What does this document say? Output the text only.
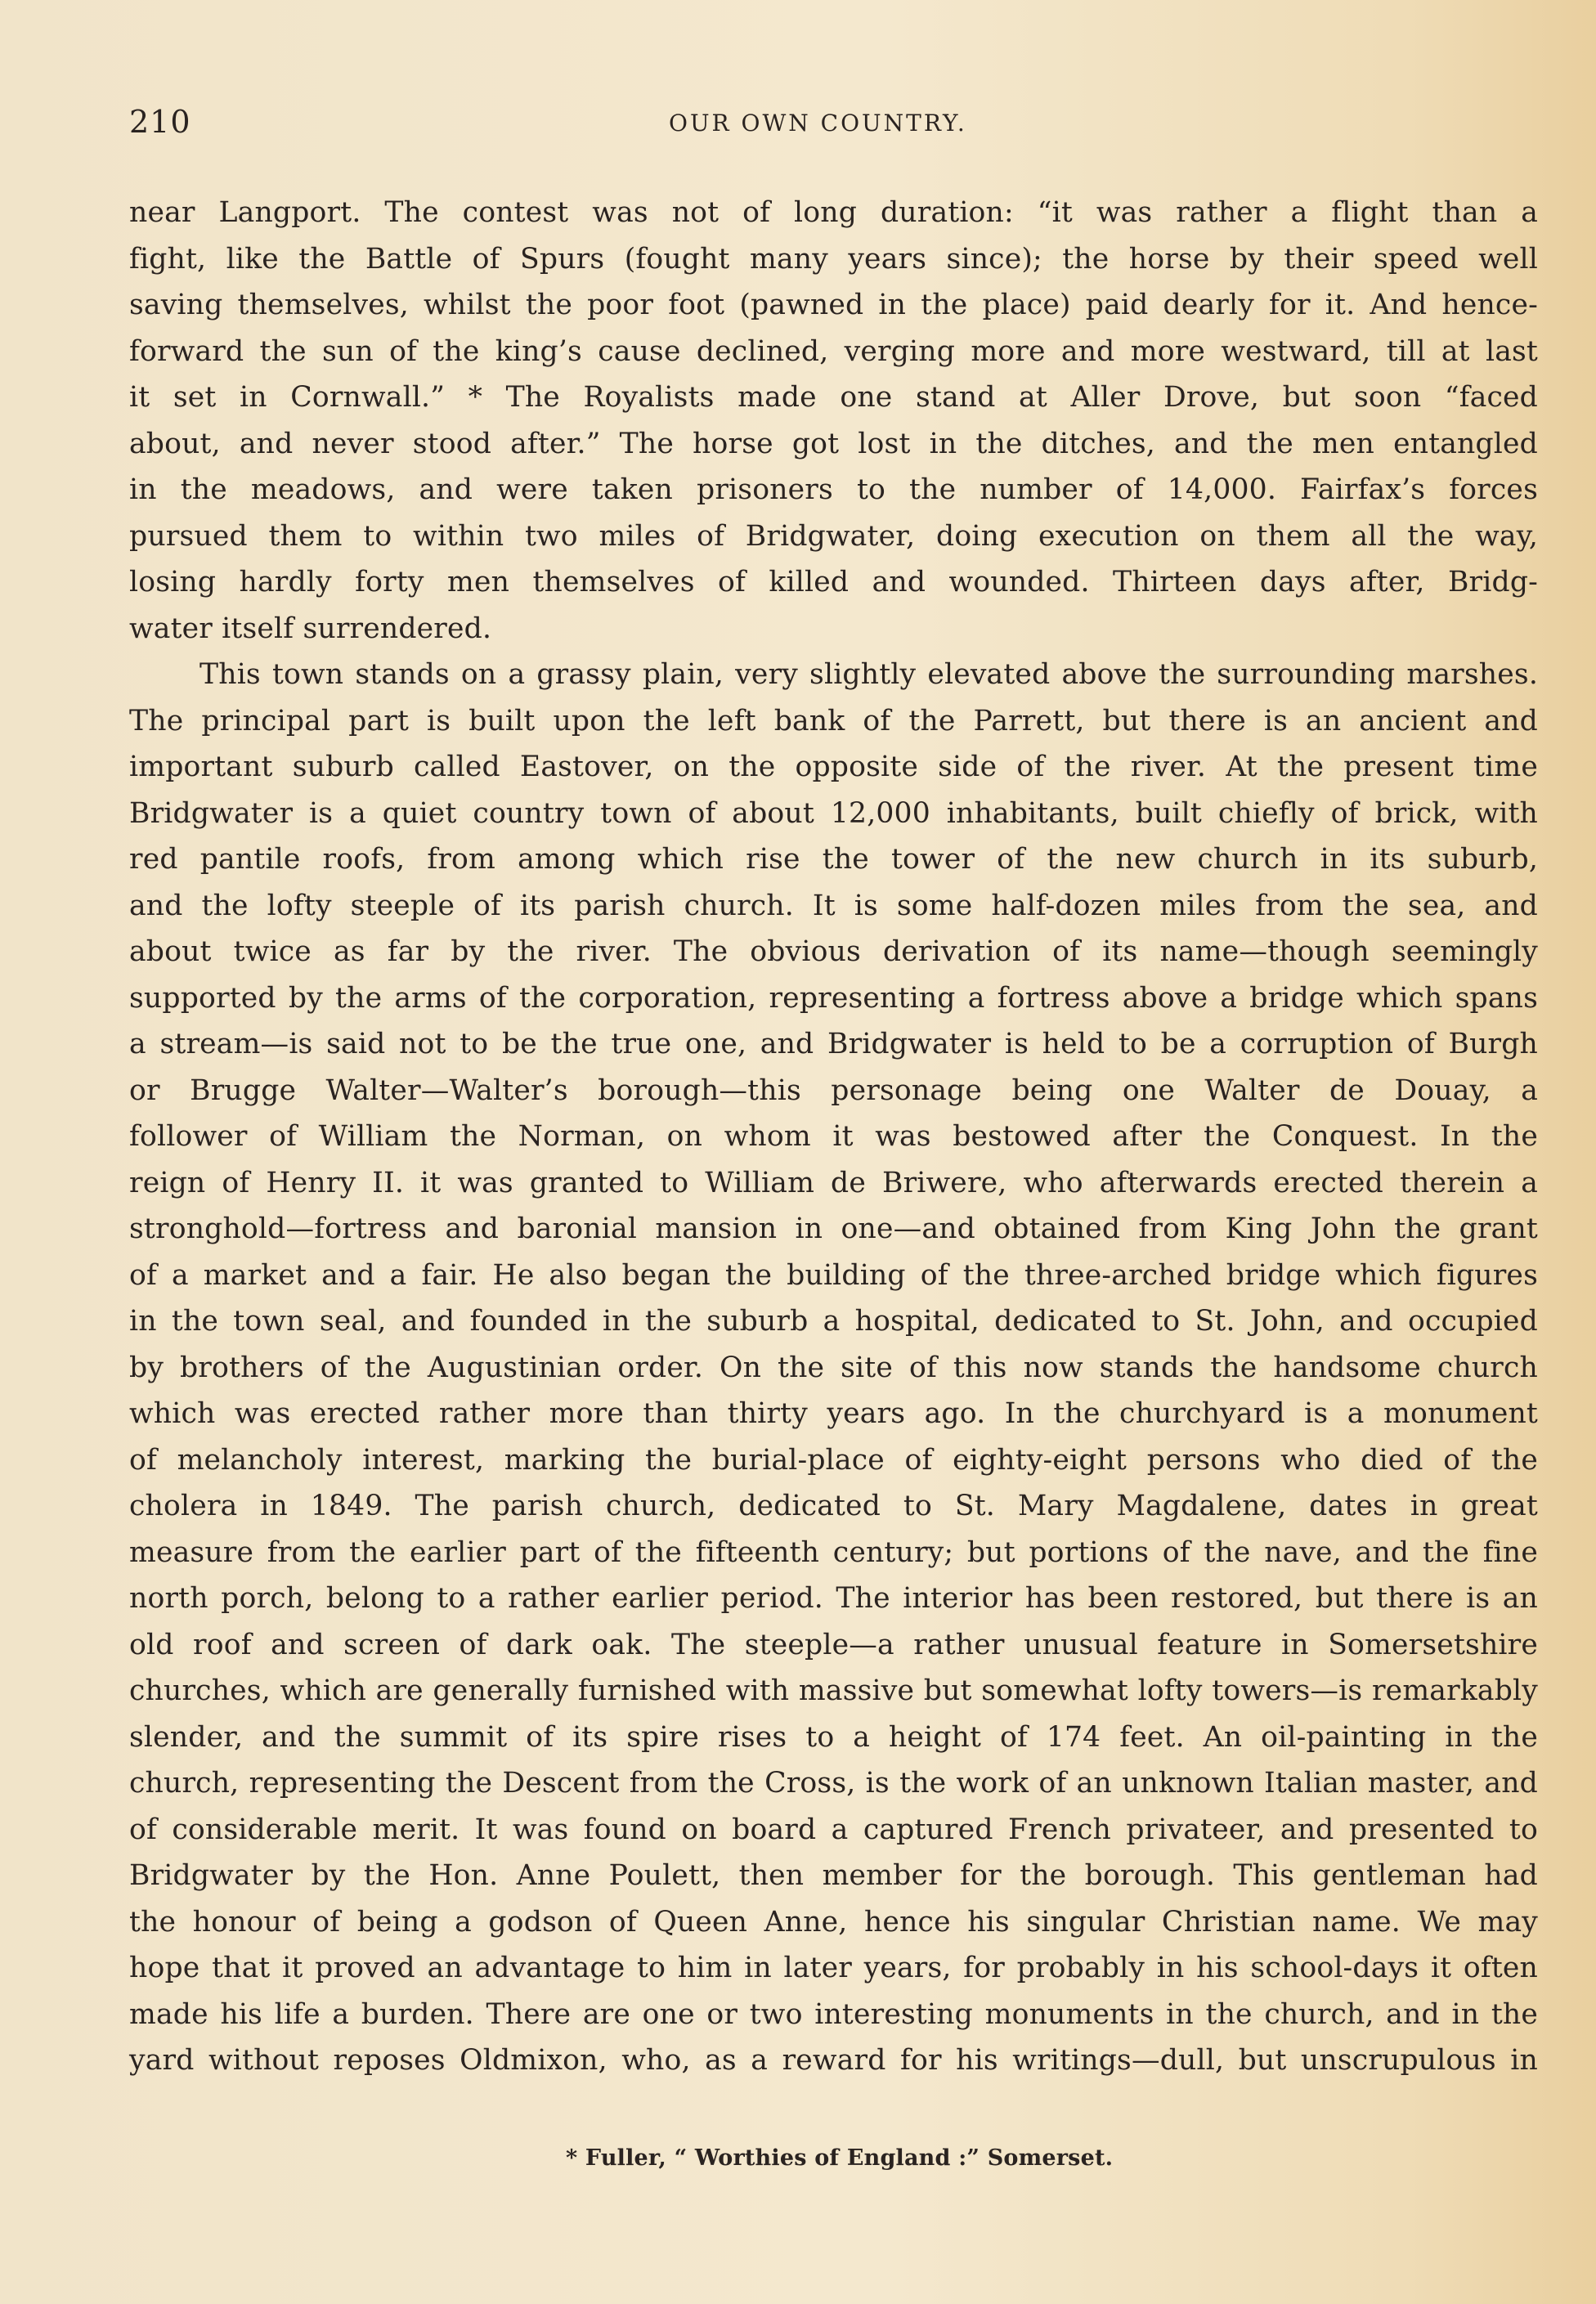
210	OUR OWN COUNTRY.
near Langport. The contest was not of long duration: “it was rather a flight than a
fight, like the Battle of Spurs (fought many years since); the horse by their speed well
saving themselves, whilst the poor foot (pawned in the place) paid dearly for it. And hence-
forward the sun of the king’s cause declined, verging more and more westward, till at last
it set in Cornwall.” * The Royalists made one stand at Aller Drove, but soon “faced
about, and never stood after.” The horse got lost in the ditches, and the men entangled
in the meadows, and were taken prisoners to the number of 14,000. Fairfax’s forces
pursued them to within two miles of Bridgwater, doing execution on them all the way,
losing hardly forty men themselves of killed and wounded. Thirteen days after, Bridg-
water itself surrendered.
This town stands on a grassy plain, very slightly elevated above the surrounding marshes.
The principal part is built upon the left bank of the Parrett, but there is an ancient and
important suburb called Eastover, on the opposite side of the river. At the present time
Bridgwater is a quiet country town of about 12,000 inhabitants, built chiefly of brick, with
red pantile roofs, from among which rise the tower of the new church in its suburb,
and the lofty steeple of its parish church. It is some half-dozen miles from the sea, and
about twice as far by the river. The obvious derivation of its name—though seemingly
supported by the arms of the corporation, representing a fortress above a bridge which spans
a stream—is said not to be the true one, and Bridgwater is held to be a corruption of Burgh
or Brugge Walter—Walter’s borough—this personage being one Walter de Douay, a
follower of William the Norman, on whom it was bestowed after the Conquest. In the
reign of Henry II. it was granted to William de Briwere, who afterwards erected therein a
stronghold—fortress and baronial mansion in one—and obtained from King John the grant
of a market and a fair. He also began the building of the three-arched bridge which figures
in the town seal, and founded in the suburb a hospital, dedicated to St. John, and occupied
by brothers of the Augustinian order. On the site of this now stands the handsome church
which was erected rather more than thirty years ago. In the churchyard is a monument
of melancholy interest, marking the burial-place of eighty-eight persons who died of the
cholera in 1849. The parish church, dedicated to St. Mary Magdalene, dates in great
measure from the earlier part of the fifteenth century; but portions of the nave, and the fine
north porch, belong to a rather earlier period. The interior has been restored, but there is an
old roof and screen of dark oak. The steeple—a rather unusual feature in Somersetshire
churches, which are generally furnished with massive but somewhat lofty towers—is remarkably
slender, and the summit of its spire rises to a height of 174 feet. An oil-painting in the
church, representing the Descent from the Cross, is the work of an unknown Italian master, and
of considerable merit. It was found on board a captured French privateer, and presented to
Bridgwater by the Hon. Anne Poulett, then member for the borough. This gentleman had
the honour of being a godson of Queen Anne, hence his singular Christian name. We may
hope that it proved an advantage to him in later years, for probably in his school-days it often
made his life a burden. There are one or two interesting monuments in the church, and in the
yard without reposes Oldmixon, who, as a reward for his writings—dull, but unscrupulous in
* Fuller, “ Worthies of England :” Somerset.
